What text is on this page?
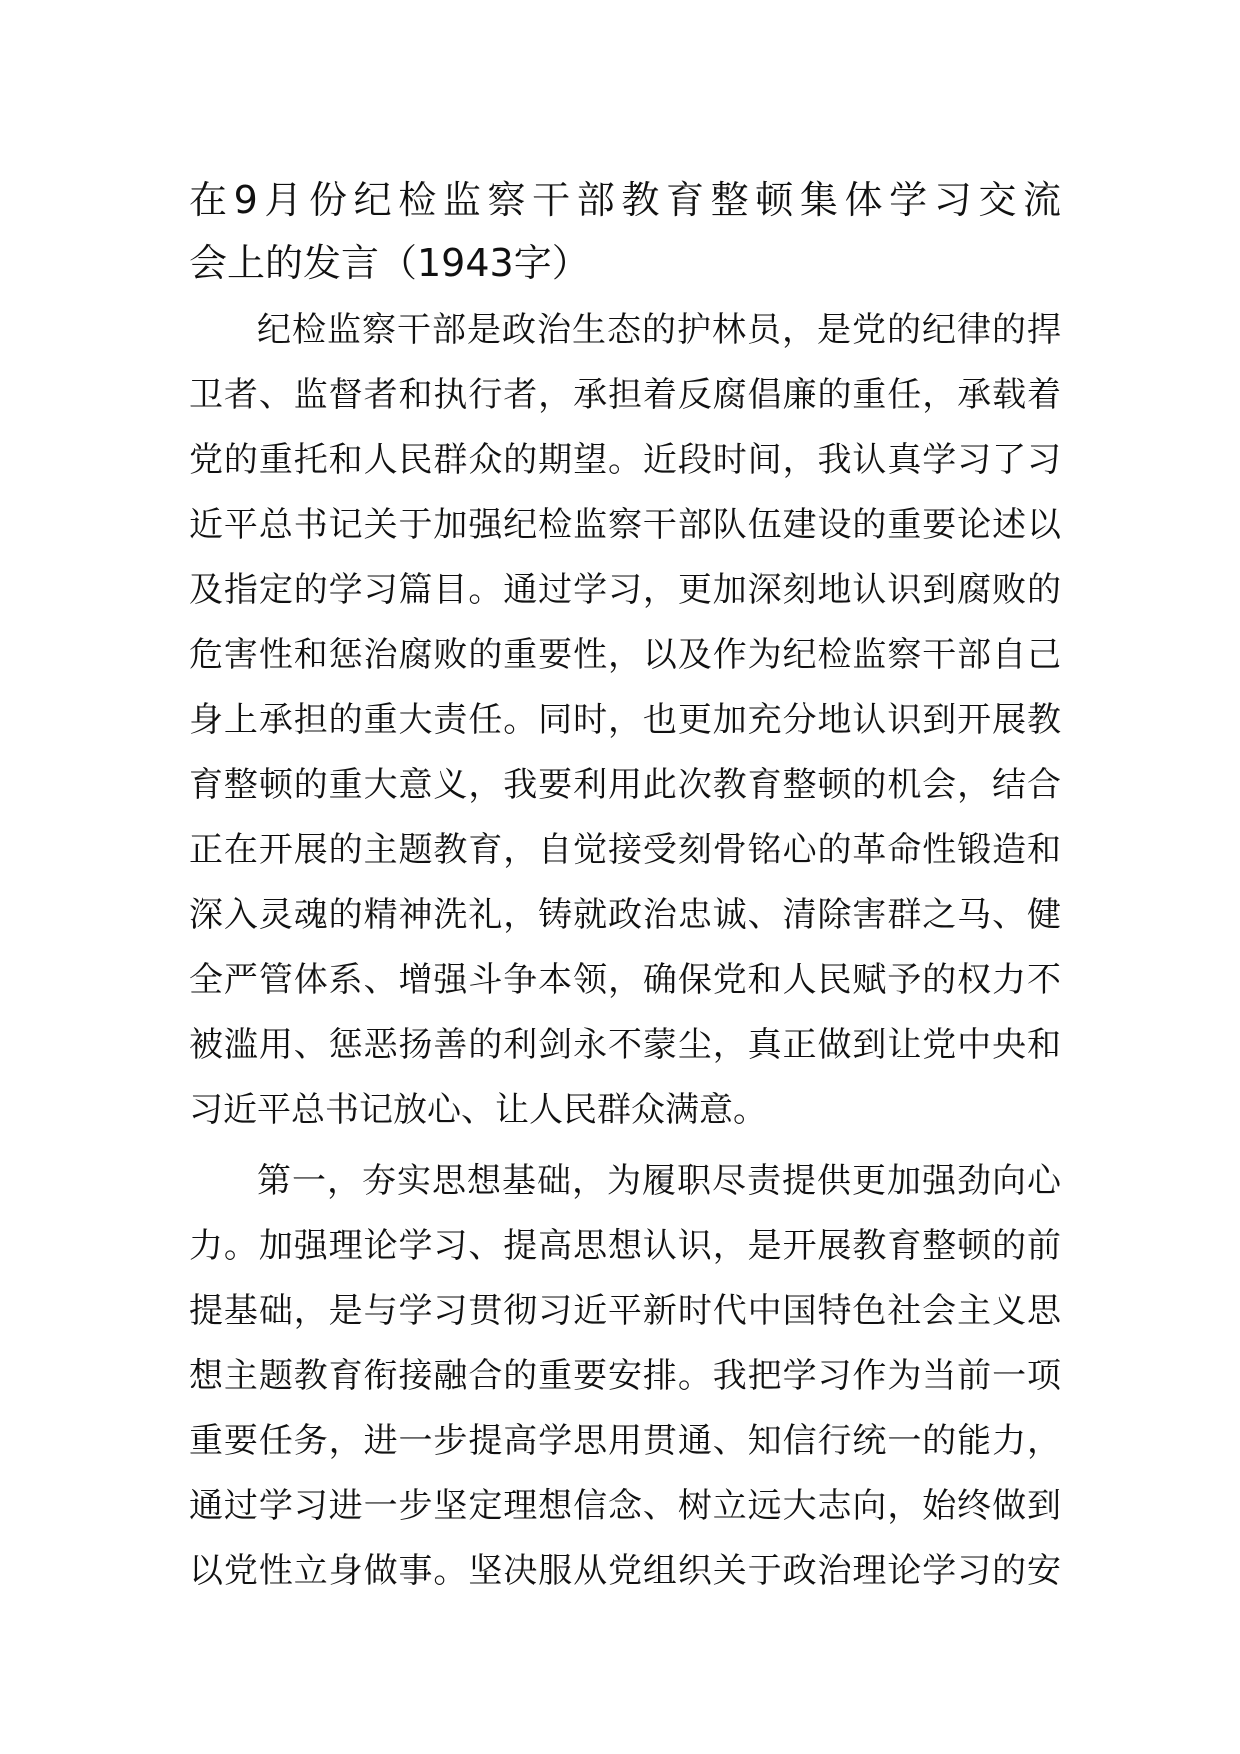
在9月份纪检监察干部教育整顿集体学习交流
会上的发言（1943字）
纪检监察干部是政治生态的护林员，是党的纪律的捍
卫者、监督者和执行者，承担着反腐倡廉的重任，承载着
党的重托和人民群众的期望。近段时间，我认真学习了习
近平总书记关于加强纪检监察干部队伍建设的重要论述以
及指定的学习篇目。通过学习，更加深刻地认识到腐败的
危害性和惩治腐败的重要性，以及作为纪检监察干部自己
身上承担的重大责任。同时，也更加充分地认识到开展教
育整顿的重大意义，我要利用此次教育整顿的机会，结合
正在开展的主题教育，自觉接受刻骨铭心的革命性锻造和
深入灵魂的精神洗礼，铸就政治忠诚、清除害群之马、健
全严管体系、增强斗争本领，确保党和人民赋予的权力不
被滥用、惩恶扬善的利剑永不蒙尘，真正做到让党中央和
习近平总书记放心、让人民群众满意。
第一，夯实思想基础，为履职尽责提供更加强劲向心
力。加强理论学习、提高思想认识，是开展教育整顿的前
提基础，是与学习贯彻习近平新时代中国特色社会主义思
想主题教育衔接融合的重要安排。我把学习作为当前一项
重要任务，进一步提高学思用贯通、知信行统一的能力，
通过学习进一步坚定理想信念、树立远大志向，始终做到
以党性立身做事。坚决服从党组织关于政治理论学习的安
